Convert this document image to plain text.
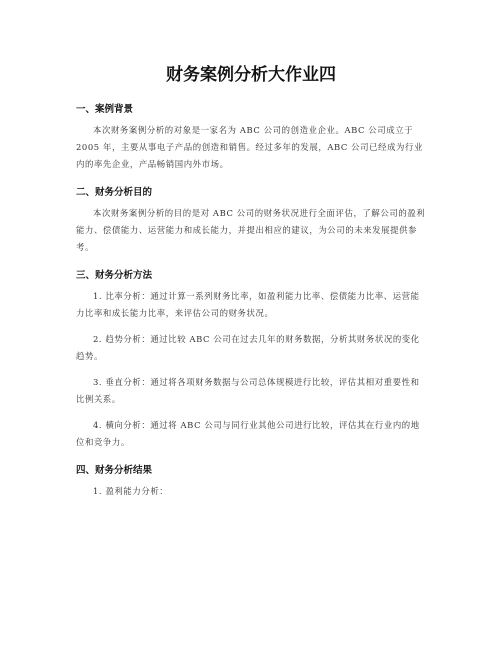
财务案例分析大作业四
一、案例背景

本次财务案例分析的对象是一家名为 ABC 公司的创造业企业。ABC 公司成立于 2005 年，主要从事电子产品的创造和销售。经过多年的发展，ABC 公司已经成为行业内的率先企业，产品畅销国内外市场。

二、财务分析目的

本次财务案例分析的目的是对 ABC 公司的财务状况进行全面评估，了解公司的盈利能力、偿债能力、运营能力和成长能力，并提出相应的建议，为公司的未来发展提供参考。

三、财务分析方法

1. 比率分析：通过计算一系列财务比率，如盈利能力比率、偿债能力比率、运营能力比率和成长能力比率，来评估公司的财务状况。

2. 趋势分析：通过比较 ABC 公司在过去几年的财务数据，分析其财务状况的变化趋势。

3. 垂直分析：通过将各项财务数据与公司总体规模进行比较，评估其相对重要性和比例关系。

4. 横向分析：通过将 ABC 公司与同行业其他公司进行比较，评估其在行业内的地位和竞争力。

四、财务分析结果

1. 盈利能力分析：
